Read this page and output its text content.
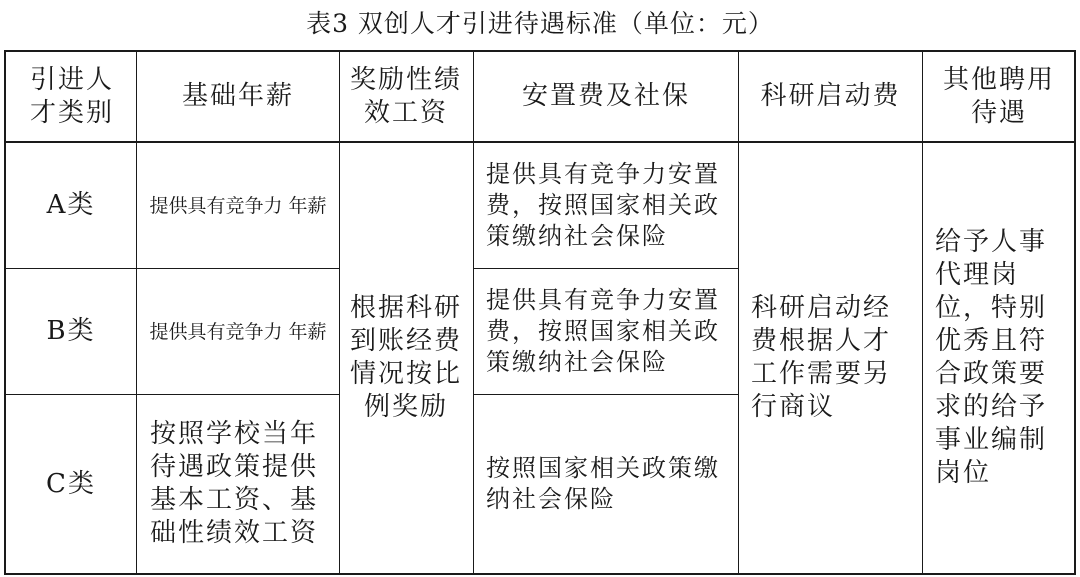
表3 双创人才引进待遇标准（单位：元）
引进人才类别
基础年薪
奖励性绩效工资
安置费及社保	科研启动费
其他聘用待遇
A类
B类
C类
提供具有竞争力 年薪
提供具有竞争力 年薪
按照学校当年待遇政策提供基本工资、基础性绩效工资
根据科研到账经费情况按比例奖励
提供具有竞争力安置费，按照国家相关政策缴纳社会保险
提供具有竞争力安置费，按照国家相关政策缴纳社会保险
按照国家相关政策缴纳社会保险
科研启动经费根据人才工作需要另行商议
给予人事代理岗位，特别优秀且符合政策要求的给予事业编制岗位
